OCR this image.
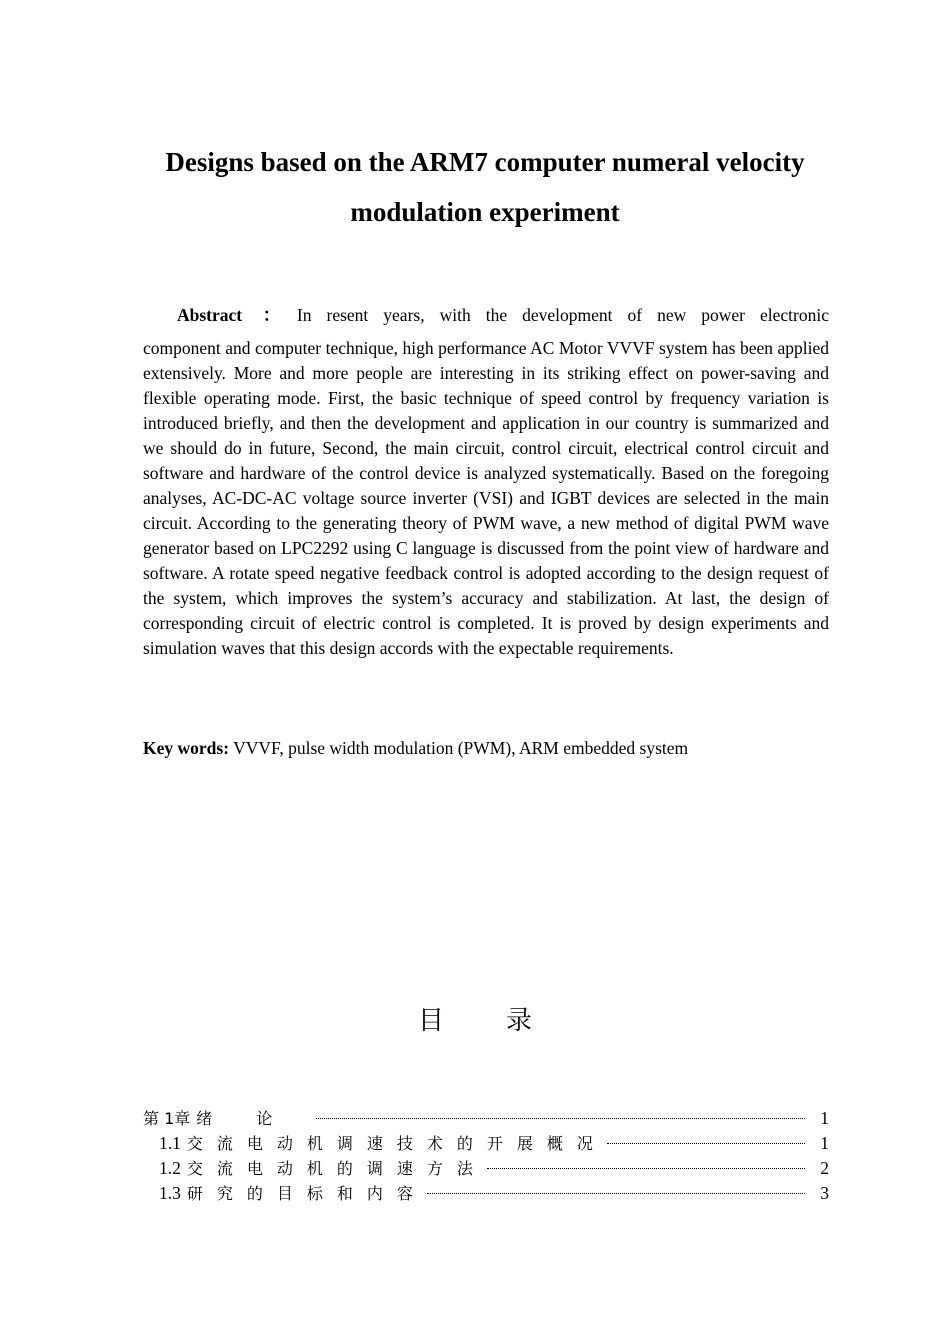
Designs based on the ARM7 computer numeral velocity modulation experiment
Abstract ： In resent years, with the development of new power electronic
component and computer technique, high performance AC Motor VVVF system has been applied extensively. More and more people are interesting in its striking effect on power-saving and flexible operating mode. First, the basic technique of speed control by frequency variation is introduced briefly, and then the development and application in our country is summarized and we should do in future, Second, the main circuit, control circuit, electrical control circuit and software and hardware of the control device is analyzed systematically. Based on the foregoing analyses, AC-DC-AC voltage source inverter (VSI) and IGBT devices are selected in the main circuit. According to the generating theory of PWM wave, a new method of digital PWM wave generator based on LPC2292 using C language is discussed from the point view of hardware and software. A rotate speed negative feedback control is adopted according to the design request of the system, which improves the system’s accuracy and stabilization. At last, the design of corresponding circuit of electric control is completed. It is proved by design experiments and simulation waves that this design accords with the expectable requirements.
Key words: VVVF, pulse width modulation (PWM), ARM embedded system
目录
第 1章 绪论	1
1.1 交流电动机调速技术的开展概况	1
1.2 交流电动机的调速方法	2
1.3 研究的目标和内容	3
